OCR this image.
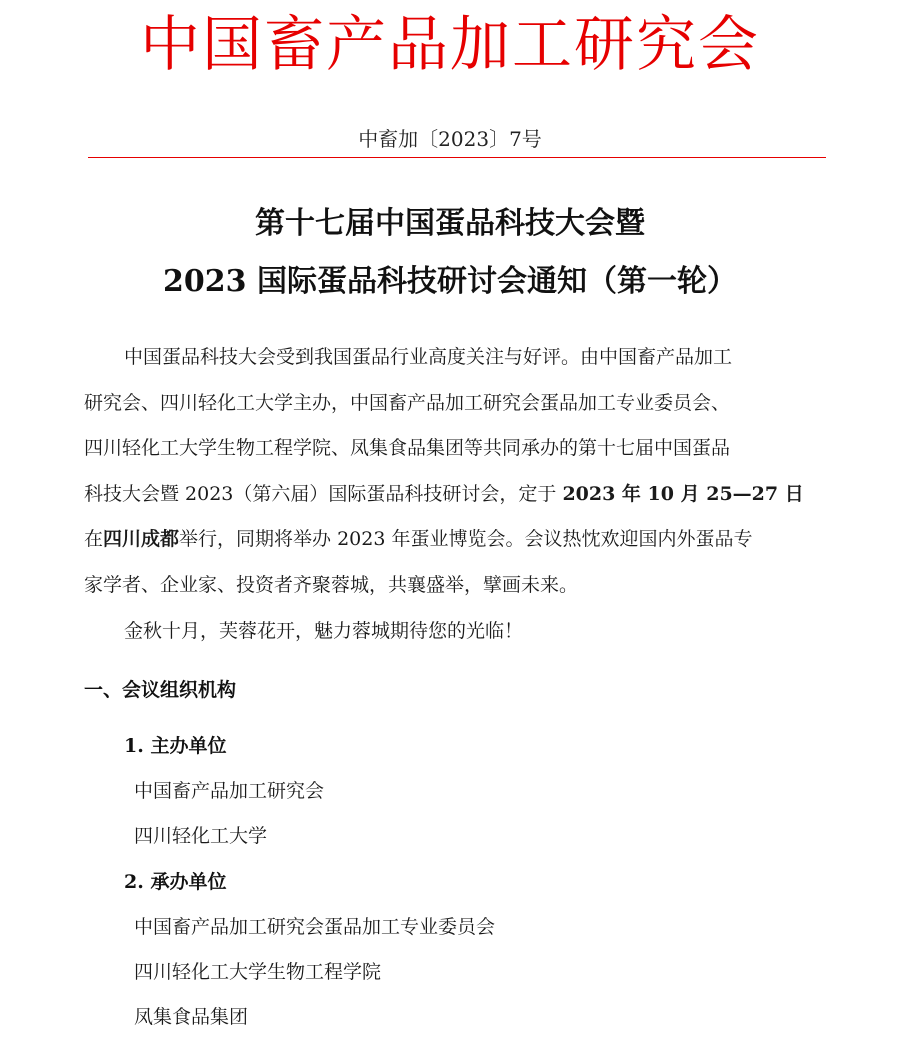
中国畜产品加工研究会
中畜加〔2023〕7号
第十七届中国蛋品科技大会暨
2023 国际蛋品科技研讨会通知（第一轮）
中国蛋品科技大会受到我国蛋品行业高度关注与好评。由中国畜产品加工
研究会、四川轻化工大学主办，中国畜产品加工研究会蛋品加工专业委员会、
四川轻化工大学生物工程学院、凤集食品集团等共同承办的第十七届中国蛋品
科技大会暨 2023（第六届）国际蛋品科技研讨会，定于 2023 年 10 月 25—27 日
在四川成都举行，同期将举办 2023 年蛋业博览会。会议热忱欢迎国内外蛋品专
家学者、企业家、投资者齐聚蓉城，共襄盛举，擘画未来。
金秋十月，芙蓉花开，魅力蓉城期待您的光临！
一、会议组织机构
1. 主办单位
中国畜产品加工研究会
四川轻化工大学
2. 承办单位
中国畜产品加工研究会蛋品加工专业委员会
四川轻化工大学生物工程学院
凤集食品集团
